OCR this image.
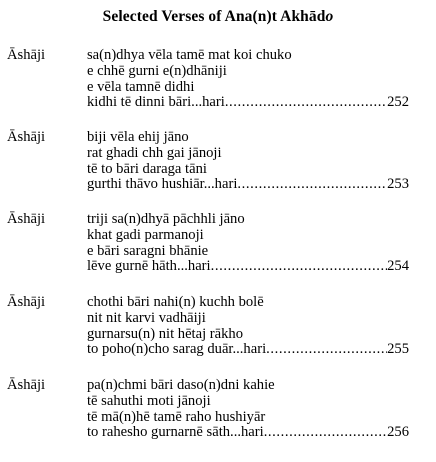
Selected Verses of Ana(n)t Akhādo
Āshāji	sa(n)dhya vēla tamē mat koi chuko
e chhē gurni e(n)dhāniji
e vēla tamnē didhi
kidhi tē dinni bāri...hari .....	252
Āshāji	biji vēla ehij jāno
rat ghadi chh gai jānoji
tē to bāri daraga tāni
gurthi thāvo hushiār...hari .....	253
Āshāji	triji sa(n)dhyā pāchhli jāno
khat gadi parmanoji
e bāri saragni bhānie
lēve gurnē hāth...hari .....	254
Āshāji	chothi bāri nahi(n) kuchh bolē
nit nit karvi vadhāiji
gurnarsu(n) nit hētaj rākho
to poho(n)cho sarag duār...hari .....	255
Āshāji	pa(n)chmi bāri daso(n)dni kahie
tē sahuthi moti jānoji
tē mā(n)hē tamē raho hushiyār
to rahesho gurnarnē sāth...hari .....	256
